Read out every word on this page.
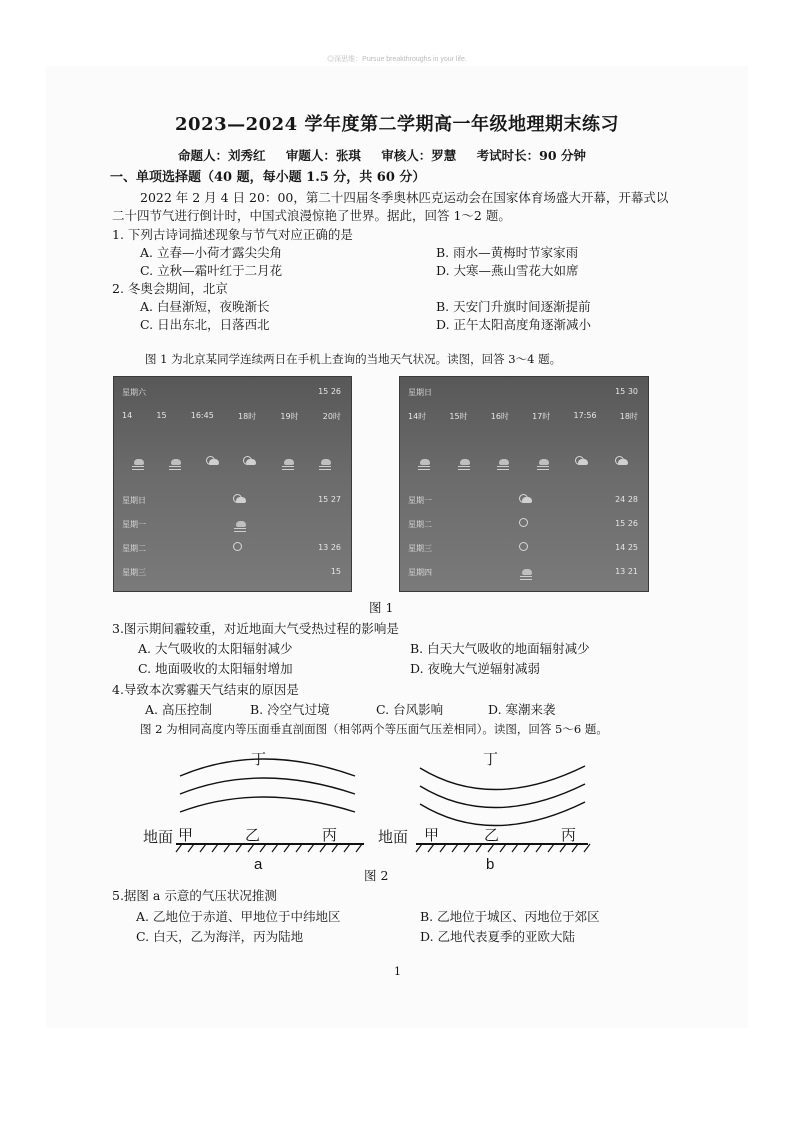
◎深思维：Pursue breakthroughs in your life.
2023—2024 学年度第二学期高一年级地理期末练习
命题人：刘秀红 审题人：张琪 审核人：罗慧 考试时长：90 分钟
一、单项选择题（40 题，每小题 1.5 分，共 60 分）
2022 年 2 月 4 日 20：00，第二十四届冬季奥林匹克运动会在国家体育场盛大开幕，开幕式以
二十四节气进行倒计时，中国式浪漫惊艳了世界。据此，回答 1～2 题。
1. 下列古诗词描述现象与节气对应正确的是
A. 立春—小荷才露尖尖角	B. 雨水—黄梅时节家家雨
C. 立秋—霜叶红于二月花	D. 大寒—燕山雪花大如席
2. 冬奥会期间，北京
A. 白昼渐短，夜晚渐长	B. 天安门升旗时间逐渐提前
C. 日出东北，日落西北	D. 正午太阳高度角逐渐减小
图 1 为北京某同学连续两日在手机上查询的当地天气状况。读图，回答 3～4 题。
星期六	15 26
14	15	16:45	18时	19时	20时
星期日	15 27
星期一
星期二	13 26
星期三	15
星期日	15 30
14时	15时	16时	17时	17:56	18时
星期一	24 28
星期二	15 26
星期三	14 25
星期四	13 21
图 1
3.图示期间霾较重，对近地面大气受热过程的影响是
A. 大气吸收的太阳辐射减少	B. 白天大气吸收的地面辐射减少
C. 地面吸收的太阳辐射增加	D. 夜晚大气逆辐射减弱
4.导致本次雾霾天气结束的原因是
A. 高压控制	B. 冷空气过境	C. 台风影响	D. 寒潮来袭
图 2 为相同高度内等压面垂直剖面图（相邻两个等压面气压差相同）。读图，回答 5～6 题。
丁
地面 甲	乙	丙
a
丁
地面 甲	乙	丙
b
图 2
5.据图 a 示意的气压状况推测
A. 乙地位于赤道、甲地位于中纬地区	B. 乙地位于城区、丙地位于郊区
C. 白天，乙为海洋，丙为陆地	D. 乙地代表夏季的亚欧大陆
1
